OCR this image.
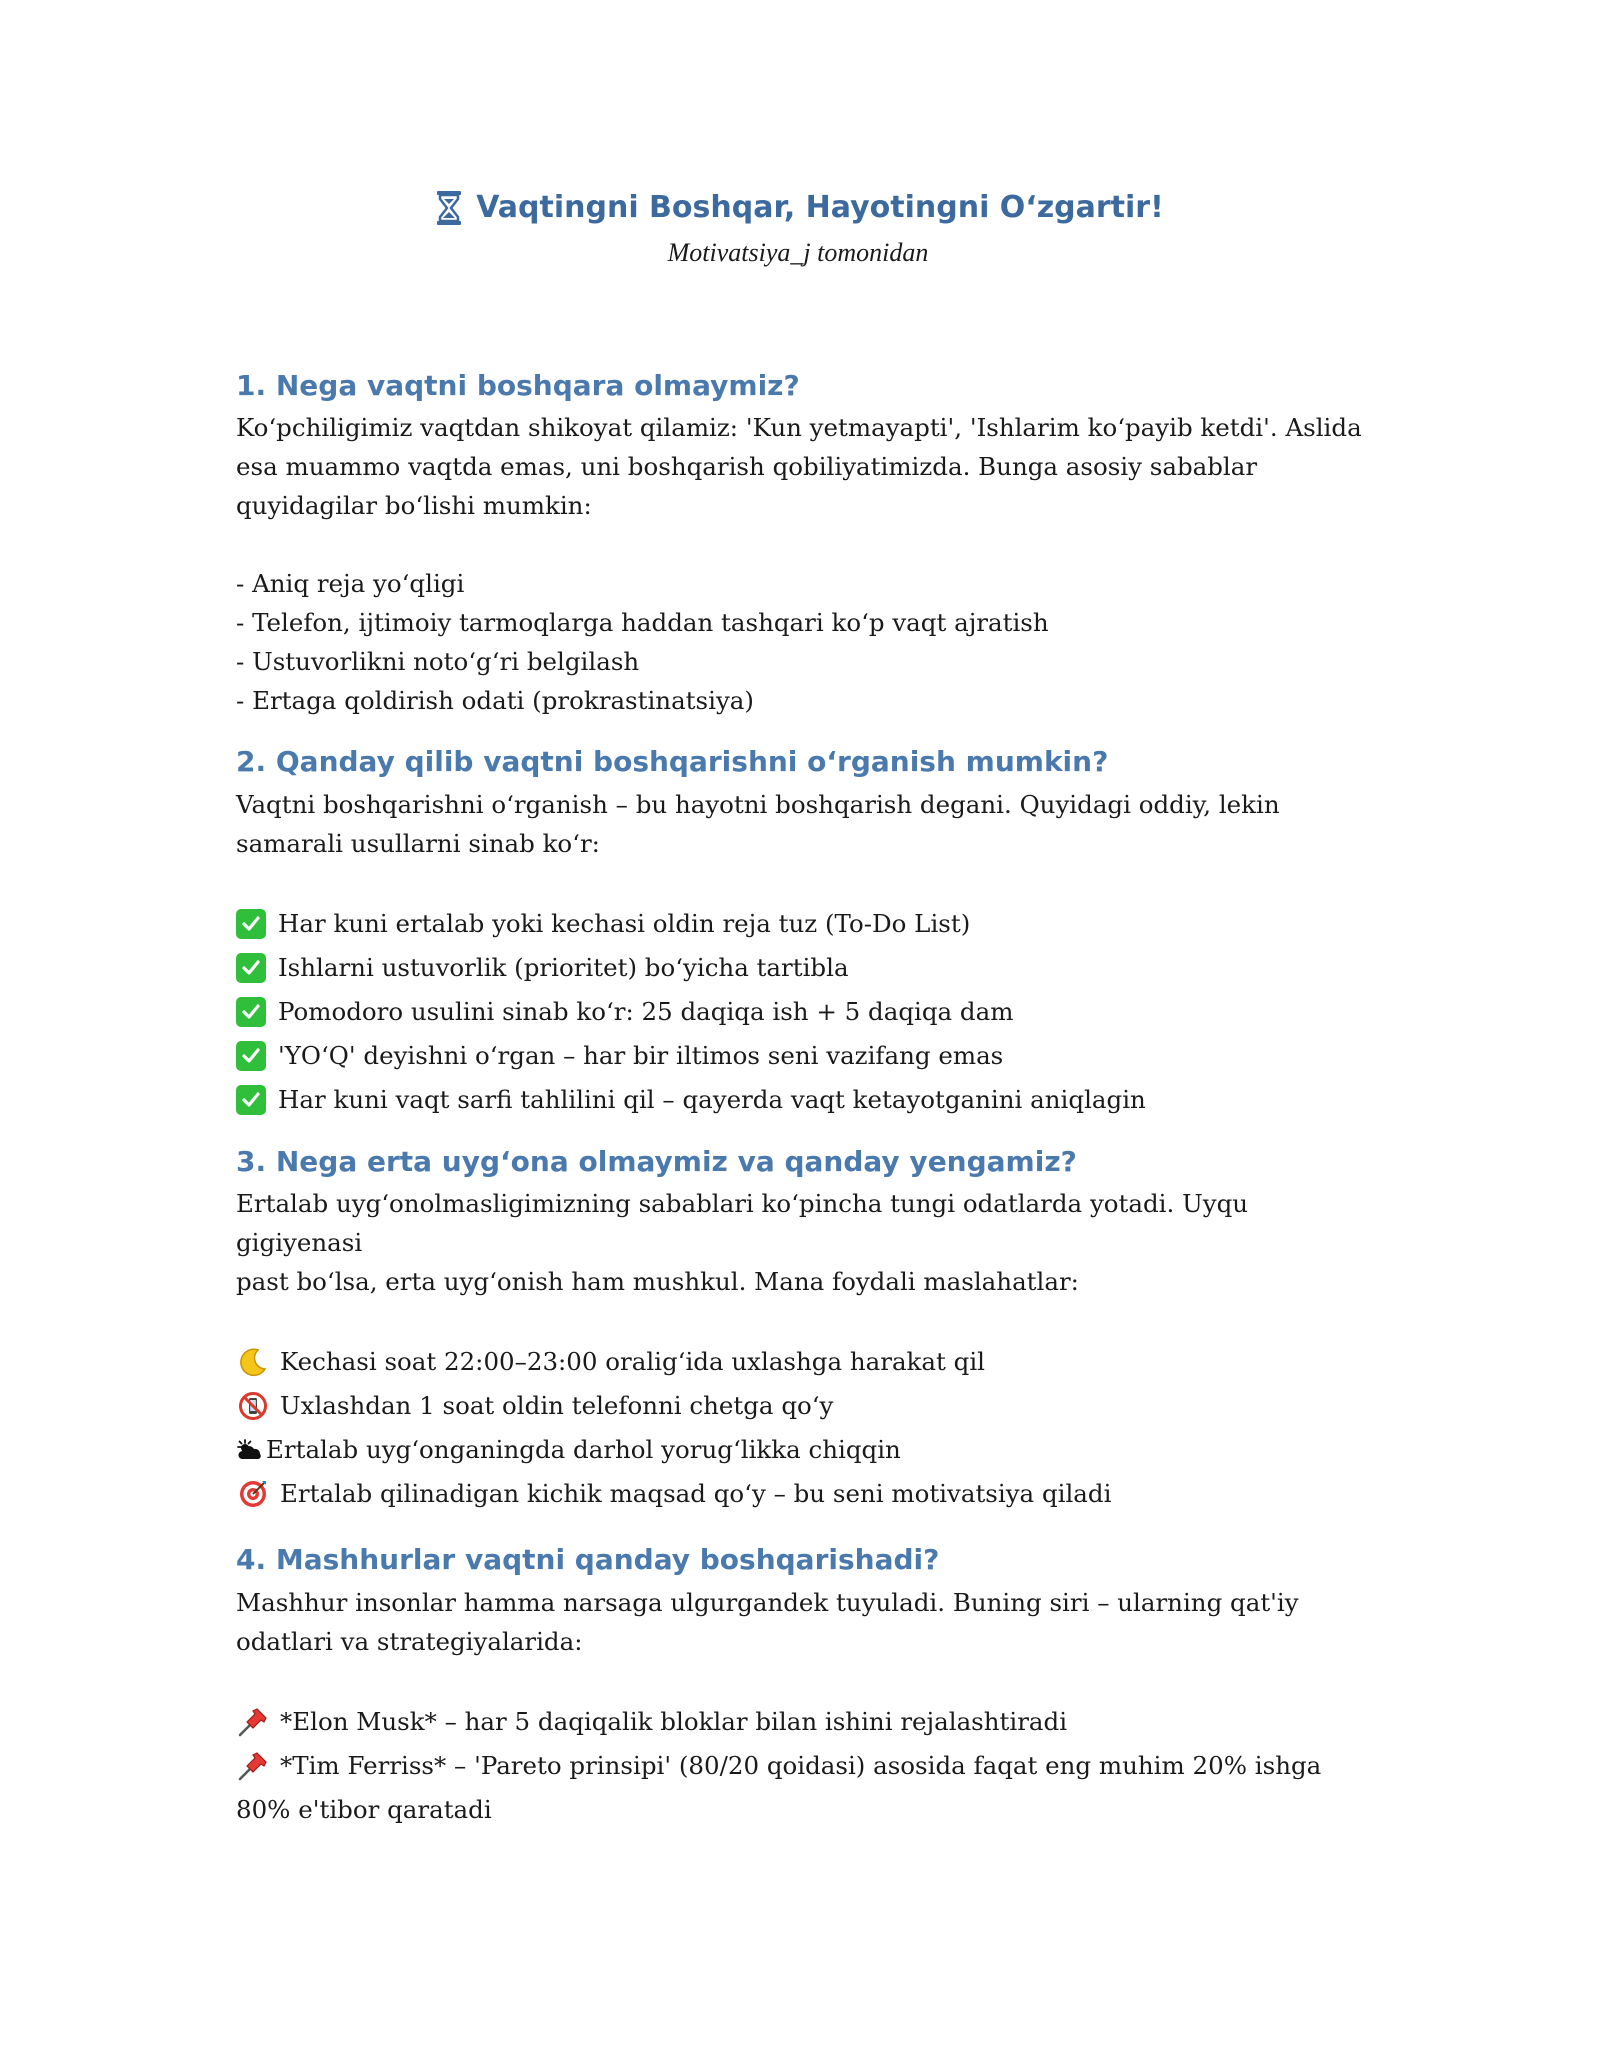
Vaqtingni Boshqar, Hayotingni O‘zgartir!
Motivatsiya_j tomonidan
1. Nega vaqtni boshqara olmaymiz?

Ko‘pchiligimiz vaqtdan shikoyat qilamiz: 'Kun yetmayapti', 'Ishlarim ko‘payib ketdi'. Aslida
esa muammo vaqtda emas, uni boshqarish qobiliyatimizda. Bunga asosiy sabablar
quyidagilar bo‘lishi mumkin:

- Aniq reja yo‘qligi
- Telefon, ijtimoiy tarmoqlarga haddan tashqari ko‘p vaqt ajratish
- Ustuvorlikni noto‘g‘ri belgilash
- Ertaga qoldirish odati (prokrastinatsiya)
2. Qanday qilib vaqtni boshqarishni o‘rganish mumkin?

Vaqtni boshqarishni o‘rganish – bu hayotni boshqarish degani. Quyidagi oddiy, lekin
samarali usullarni sinab ko‘r:

Har kuni ertalab yoki kechasi oldin reja tuz (To-Do List)
Ishlarni ustuvorlik (prioritet) bo‘yicha tartibla
Pomodoro usulini sinab ko‘r: 25 daqiqa ish + 5 daqiqa dam
'YO‘Q' deyishni o‘rgan – har bir iltimos seni vazifang emas
Har kuni vaqt sarfi tahlilini qil – qayerda vaqt ketayotganini aniqlagin
3. Nega erta uyg‘ona olmaymiz va qanday yengamiz?

Ertalab uyg‘onolmasligimizning sabablari ko‘pincha tungi odatlarda yotadi. Uyqu gigiyenasi
past bo‘lsa, erta uyg‘onish ham mushkul. Mana foydali maslahatlar:

Kechasi soat 22:00–23:00 oralig‘ida uxlashga harakat qil
Uxlashdan 1 soat oldin telefonni chetga qo‘y
Ertalab uyg‘onganingda darhol yorug‘likka chiqqin
Ertalab qilinadigan kichik maqsad qo‘y – bu seni motivatsiya qiladi
4. Mashhurlar vaqtni qanday boshqarishadi?

Mashhur insonlar hamma narsaga ulgurgandek tuyuladi. Buning siri – ularning qat'iy
odatlari va strategiyalarida:

*Elon Musk* – har 5 daqiqalik bloklar bilan ishini rejalashtiradi
*Tim Ferriss* – 'Pareto prinsipi' (80/20 qoidasi) asosida faqat eng muhim 20% ishga
80% e'tibor qaratadi
